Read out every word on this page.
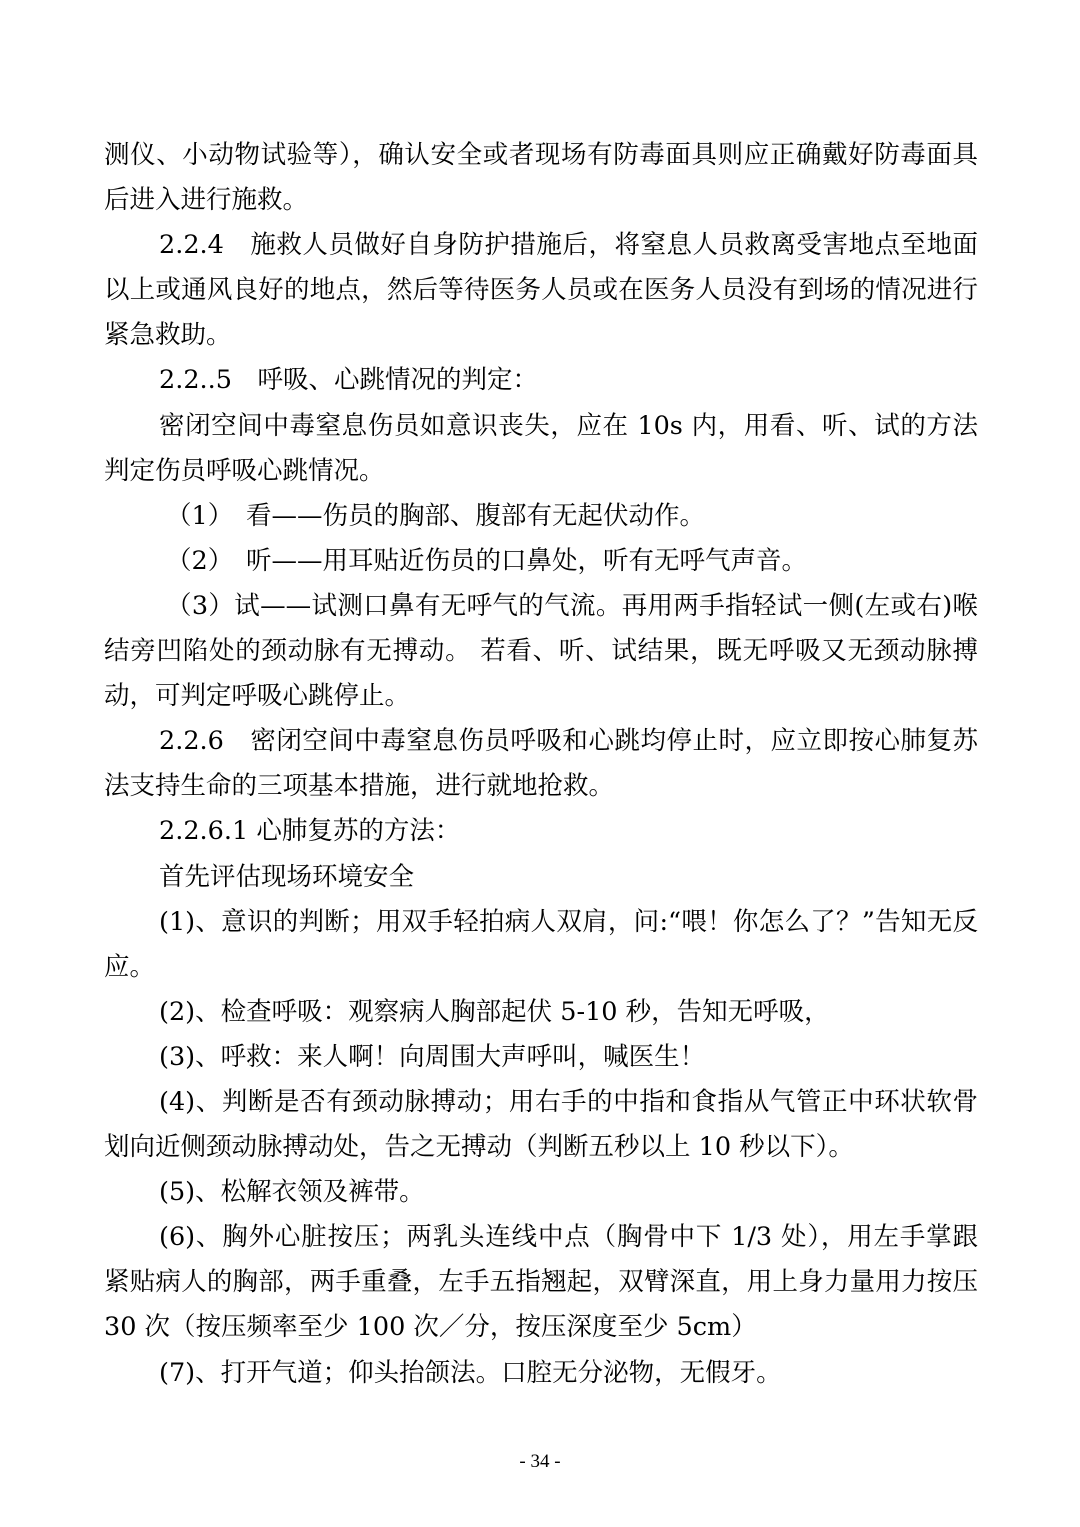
测仪、小动物试验等），确认安全或者现场有防毒面具则应正确戴好防毒面具后进入进行施救。

2.2.4　施救人员做好自身防护措施后，将窒息人员救离受害地点至地面以上或通风良好的地点，然后等待医务人员或在医务人员没有到场的情况进行紧急救助。

2.2..5　呼吸、心跳情况的判定：

密闭空间中毒窒息伤员如意识丧失，应在 10s 内，用看、听、试的方法判定伤员呼吸心跳情况。

（1）　看——伤员的胸部、腹部有无起伏动作。

（2）　听——用耳贴近伤员的口鼻处，听有无呼气声音。

（3）试——试测口鼻有无呼气的气流。再用两手指轻试一侧(左或右)喉结旁凹陷处的颈动脉有无搏动。 若看、听、试结果，既无呼吸又无颈动脉搏动，可判定呼吸心跳停止。

2.2.6　密闭空间中毒窒息伤员呼吸和心跳均停止时，应立即按心肺复苏法支持生命的三项基本措施，进行就地抢救。

2.2.6.1 心肺复苏的方法：

首先评估现场环境安全

(1)、意识的判断；用双手轻拍病人双肩，问:“喂！你怎么了？”告知无反应。

(2)、检查呼吸：观察病人胸部起伏 5-10 秒，告知无呼吸，

(3)、呼救：来人啊！向周围大声呼叫，喊医生！

(4)、判断是否有颈动脉搏动；用右手的中指和食指从气管正中环状软骨划向近侧颈动脉搏动处，告之无搏动（判断五秒以上 10 秒以下）。

(5)、松解衣领及裤带。

(6)、胸外心脏按压；两乳头连线中点（胸骨中下 1/3 处），用左手掌跟紧贴病人的胸部，两手重叠，左手五指翘起，双臂深直，用上身力量用力按压 30 次（按压频率至少 100 次／分，按压深度至少 5cm）

(7)、打开气道；仰头抬颌法。口腔无分泌物，无假牙。

- 34 -
